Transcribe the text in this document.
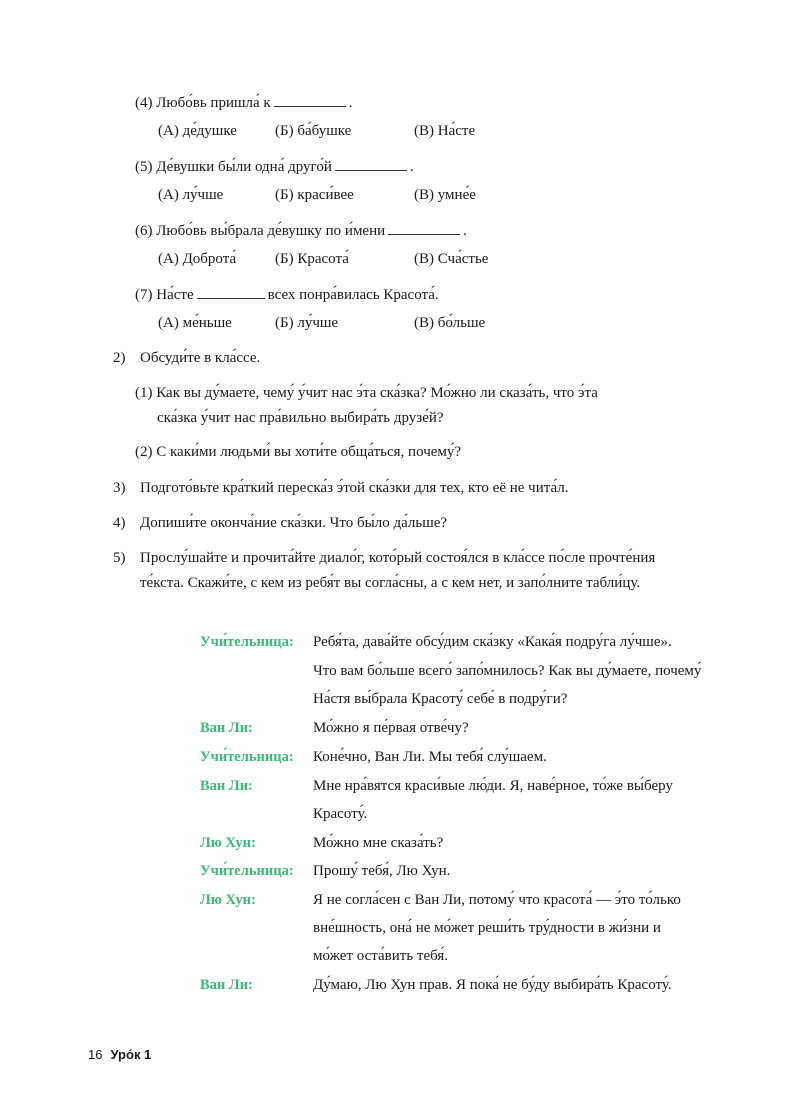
(4) Любо́вь пришла́ к	.
(А) де́душке	(Б) ба́бушке	(В) На́сте
(5) Де́вушки бы́ли одна́ друго́й	.
(А) лу́чше	(Б) краси́вее	(В) умне́е
(6) Любо́вь вы́брала де́вушку по и́мени	.
(А) Доброта́	(Б) Красота́	(В) Сча́стье
(7) На́сте	всех понра́вилась Красота́.
(А) ме́ньше	(Б) лу́чше	(В) бо́льше
2) Обсуди́те в кла́ссе.
(1) Как вы ду́маете, чему́ у́чит нас э́та ска́зка? Мо́жно ли сказа́ть, что э́та
ска́зка у́чит нас пра́вильно выбира́ть друзе́й?
(2) С каки́ми людьми́ вы хоти́те обща́ться, почему́?
3) Подгото́вьте кра́ткий переска́з э́той ска́зки для тех, кто её не чита́л.
4) Допиши́те оконча́ние ска́зки. Что бы́ло да́льше?
5) Прослу́шайте и прочита́йте диало́г, кото́рый состоя́лся в кла́ссе по́сле прочте́ния
те́кста. Скажи́те, с кем из ребя́т вы согла́сны, а с кем нет, и запо́лните табли́цу.
Учи́тельница: Ребя́та, дава́йте обсу́дим ска́зку «Кака́я подру́га лу́чше».
Что вам бо́льше всего́ запо́мнилось? Как вы ду́маете, почему́
На́стя вы́брала Красоту́ себе́ в подру́ги?
Ван Ли:	Мо́жно я пе́рвая отве́чу?
Учи́тельница: Коне́чно, Ван Ли. Мы тебя́ слу́шаем.
Ван Ли:	Мне нра́вятся краси́вые лю́ди. Я, наве́рное, то́же вы́беру
Красоту́.
Лю Хун:	Мо́жно мне сказа́ть?
Учи́тельница: Прошу́ тебя́, Лю Хун.
Лю Хун:	Я не согла́сен с Ван Ли, потому́ что красота́ — э́то то́лько
вне́шность, она́ не мо́жет реши́ть тру́дности в жи́зни и
мо́жет оста́вить тебя́.
Ван Ли:	Ду́маю, Лю Хун прав. Я пока́ не бу́ду выбира́ть Красоту́.
16 Уро́к 1
